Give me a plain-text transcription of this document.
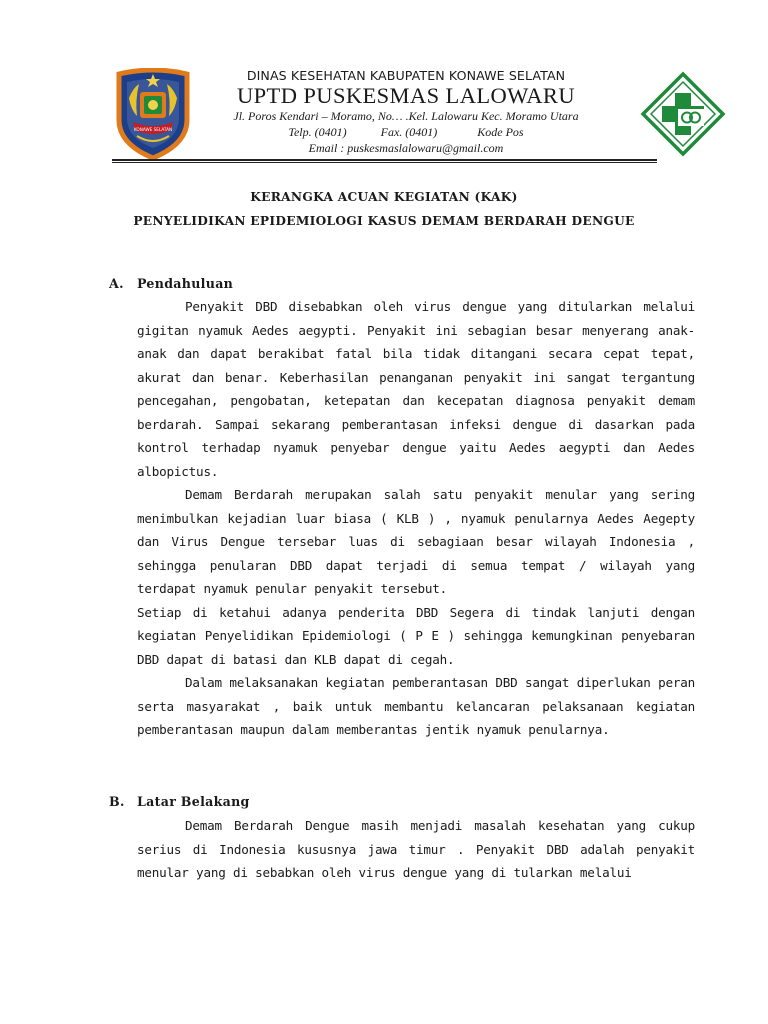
KONAWE SELATAN
DINAS KESEHATAN KABUPATEN KONAWE SELATAN
UPTD PUSKESMAS LALOWARU
Jl. Poros Kendari – Moramo, No… .Kel. Lalowaru Kec. Moramo Utara
Telp. (0401)	Fax. (0401)	Kode Pos
Email : puskesmaslalowaru@gmail.com
KERANGKA ACUAN KEGIATAN (KAK)
PENYELIDIKAN EPIDEMIOLOGI KASUS DEMAM BERDARAH DENGUE
A. Pendahuluan

Penyakit DBD disebabkan oleh virus dengue yang ditularkan melalui gigitan nyamuk Aedes aegypti. Penyakit ini sebagian besar menyerang anak-anak dan dapat berakibat fatal bila tidak ditangani secara cepat tepat, akurat dan benar. Keberhasilan penanganan penyakit ini sangat tergantung pencegahan, pengobatan, ketepatan dan kecepatan diagnosa penyakit demam berdarah. Sampai sekarang pemberantasan infeksi dengue di dasarkan pada kontrol terhadap nyamuk penyebar dengue yaitu Aedes aegypti dan Aedes albopictus.

Demam Berdarah merupakan salah satu penyakit menular yang sering menimbulkan kejadian luar biasa ( KLB ) , nyamuk penularnya Aedes Aegepty dan Virus Dengue tersebar luas di sebagiaan besar wilayah Indonesia , sehingga penularan DBD dapat terjadi di semua tempat / wilayah yang terdapat nyamuk penular penyakit tersebut.

Setiap di ketahui adanya penderita DBD Segera di tindak lanjuti dengan kegiatan Penyelidikan Epidemiologi ( P E ) sehingga kemungkinan penyebaran DBD dapat di batasi dan KLB dapat di cegah.

Dalam melaksanakan kegiatan pemberantasan DBD sangat diperlukan peran serta masyarakat , baik untuk membantu kelancaran pelaksanaan kegiatan pemberantasan maupun dalam memberantas jentik nyamuk penularnya.

B. Latar Belakang

Demam Berdarah Dengue masih menjadi masalah kesehatan yang cukup serius di Indonesia kususnya jawa timur . Penyakit DBD adalah penyakit menular yang di sebabkan oleh virus dengue yang di tularkan melalui
